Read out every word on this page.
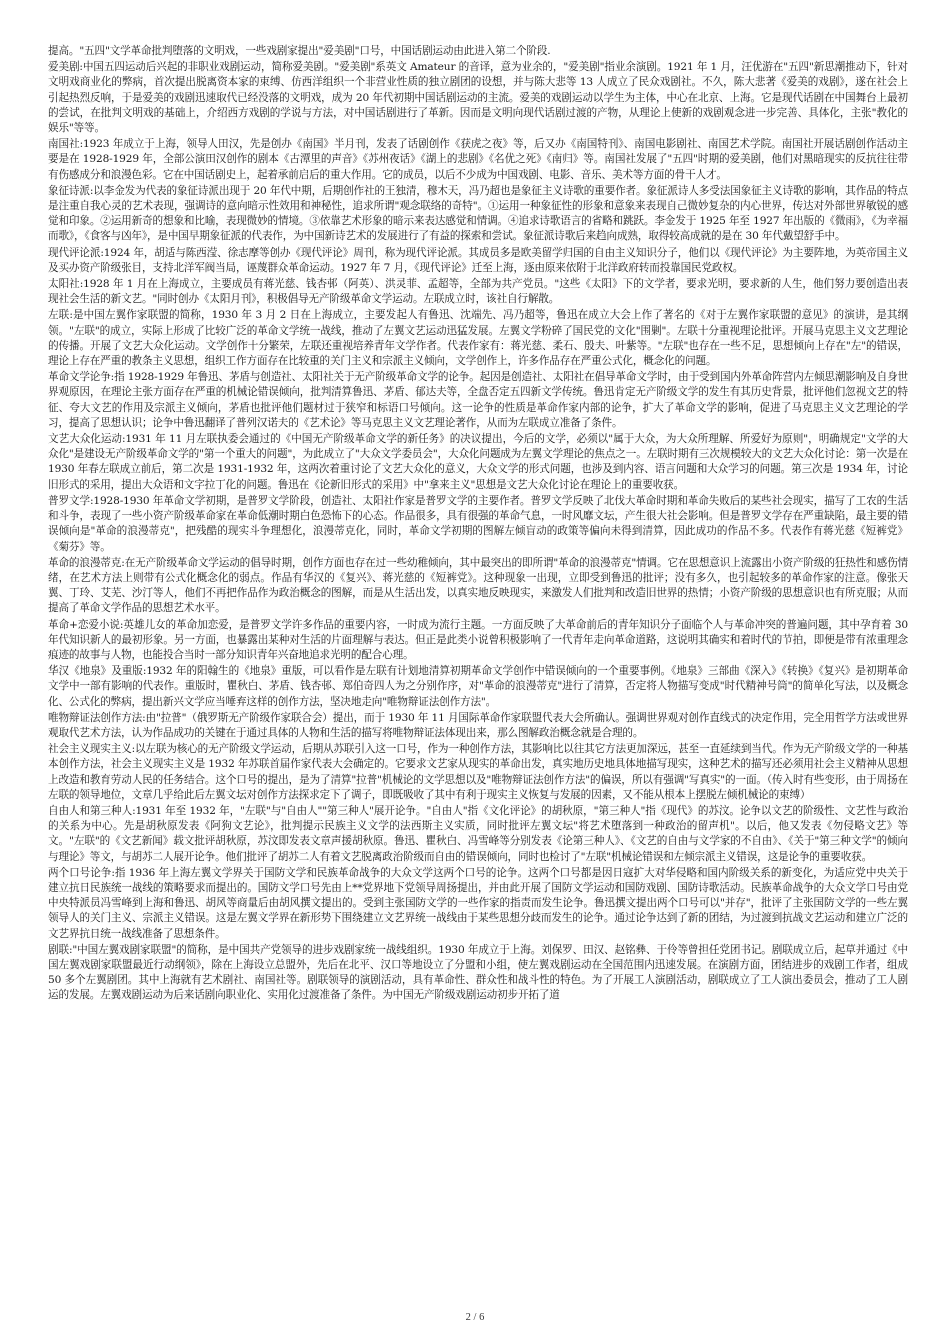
提高。"五四"文学革命批判堕落的文明戏，一些戏剧家提出"爱美剧"口号，中国话剧运动由此进入第二个阶段.

爱美剧:中国五四运动后兴起的非职业戏剧运动，简称爱美剧。"爱美剧"系英文 Amateur 的音译，意为业余的，"爱美剧"指业余演剧。1921 年 1 月，汪优游在"五四"新思潮推动下，针对文明戏商业化的弊病，首次提出脱离资本家的束缚、仿西洋组织一个非营业性质的独立剧团的设想，并与陈大悲等 13 人成立了民众戏剧社。不久，陈大悲著《爱美的戏剧》，遂在社会上引起热烈反响，于是爱美的戏剧迅速取代已经没落的文明戏，成为 20 年代初期中国话剧运动的主流。爱美的戏剧运动以学生为主体，中心在北京、上海。它是现代话剧在中国舞台上最初的尝试，在批判文明戏的基础上，介绍西方戏剧的学说与方法，对中国话剧进行了革新。因而是文明向现代话剧过渡的产物，从理论上使新的戏剧观念进一步完善、具体化，主张"教化的娱乐"等等。

南国社:1923 年成立于上海，领导人田汉，先是创办《南国》半月刊，发表了话剧创作《获虎之夜》等，后又办《南国特刊》、南国电影剧社、南国艺术学院。南国社开展话剧创作活动主要是在 1928-1929 年，全部公演田汉创作的剧本《古潭里的声音》《苏州夜话》《湖上的悲剧》《名优之死》《南归》等。南国社发展了"五四"时期的爱美剧，他们对黑暗现实的反抗往往带有伤感成分和浪漫色彩。它在中国话剧史上，起着承前启后的重大作用。它的成员，以后不少成为中国戏剧、电影、音乐、美术等方面的骨干人才。

象征诗派:以李金发为代表的象征诗派出现于 20 年代中期，后期创作社的王独清，穆木天，冯乃超也是象征主义诗歌的重要作者。象征派诗人多受法国象征主义诗歌的影响，其作品的特点是注重自我心灵的艺术表现，强调诗的意向暗示性效用和神秘性，追求所谓"观念联络的奇特"。①运用一种象征性的形象和意象来表现自己微妙复杂的内心世界，传达对外部世界敏锐的感觉和印象。②运用新奇的想象和比喻，表现微妙的情境。③依靠艺术形象的暗示来表达感觉和情调。④追求诗歌语言的省略和跳跃。李金发于 1925 年至 1927 年出版的《微雨》，《为幸福而歌》，《食客与凶年》，是中国早期象征派的代表作，为中国新诗艺术的发展进行了有益的探索和尝试。象征派诗歌后来趋向成熟，取得较高成就的是在 30 年代戴望舒手中。

现代评论派:1924 年，胡适与陈西滢、徐志摩等创办《现代评论》周刊，称为现代评论派。其成员多是欧美留学归国的自由主义知识分子，他们以《现代评论》为主要阵地，为英帝国主义及买办资产阶级张目，支持北洋军阀当局，诬蔑群众革命运动。1927 年 7 月，《现代评论》迁至上海，逐由原来依附于北洋政府转而投靠国民党政权。

太阳社:1928 年 1 月在上海成立，主要成员有蒋光慈、钱杏邨（阿英）、洪灵菲、孟超等，全部为共产党员。"这些《太阳》下的文学者，要求光明，要求新的人生，他们努力要创造出表现社会生活的新文艺。"同时创办《太阳月刊》，积极倡导无产阶级革命文学运动。左联成立时，该社自行解散。

左联:是中国左翼作家联盟的简称，1930 年 3 月 2 日在上海成立，主要发起人有鲁迅、沈端先、冯乃超等，鲁迅在成立大会上作了著名的《对于左翼作家联盟的意见》的演讲，是其纲领。"左联"的成立，实际上形成了比较广泛的革命文学统一战线，推动了左翼文艺运动迅猛发展。左翼文学粉碎了国民党的文化"围剿"。左联十分重视理论批评。开展马克思主义文艺理论的传播。开展了文艺大众化运动。文学创作十分繁荣，左联还重视培养青年文学作者。代表作家有：蒋光慈、柔石、殷夫、叶紫等。"左联"也存在一些不足，思想倾向上存在"左"的错误，理论上存在严重的教条主义思想，组织工作方面存在比较重的关门主义和宗派主义倾向，文学创作上，许多作品存在严重公式化，概念化的问题。

革命文学论争:指 1928-1929 年鲁迅、茅盾与创造社、太阳社关于无产阶级革命文学的论争。起因是创造社、太阳社在倡导革命文学时，由于受到国内外革命阵营内左倾思潮影响及自身世界观原因，在理论主张方面存在严重的机械论错误倾向，批判清算鲁迅、茅盾、郁达夫等，全盘否定五四新文学传统。鲁迅肯定无产阶级文学的发生有其历史背景，批评他们忽视文艺的特征、夸大文艺的作用及宗派主义倾向，茅盾也批评他们题材过于狭窄和标语口号倾向。这一论争的性质是革命作家内部的论争，扩大了革命文学的影响，促进了马克思主义文艺理论的学习，提高了思想认识；论争中鲁迅翻译了普列汉诺夫的《艺术论》等马克思主义文艺理论著作，从而为左联成立准备了条件。

文艺大众化运动:1931 年 11 月左联执委会通过的《中国无产阶级革命文学的新任务》的决议提出，今后的文学，必须以"属于大众，为大众所理解、所爱好为原则"，明确规定"文学的大众化"是建设无产阶级革命文学的"第一个重大的问题"，为此成立了"大众文学委员会"，大众化问题成为左翼文学理论的焦点之一。左联时期有三次规模较大的文艺大众化讨论：第一次是在 1930 年春左联成立前后，第二次是 1931-1932 年，这两次着重讨论了文艺大众化的意义，大众文学的形式问题，也涉及到内容、语言问题和大众学习的问题。第三次是 1934 年，讨论旧形式的采用，提出大众语和文字拉丁化的问题。鲁迅在《论新旧形式的采用》中"拿来主义"思想是文艺大众化讨论在理论上的重要收获。

普罗文学:1928-1930 年革命文学初期，是普罗文学阶段，创造社、太阳社作家是普罗文学的主要作者。普罗文学反映了北伐大革命时期和革命失败后的某些社会现实，描写了工农的生活和斗争，表现了一些小资产阶级革命家在革命低潮时期白色恐怖下的心态。作品很多，具有很强的革命气息，一时风靡文坛，产生很大社会影响。但是普罗文学存在严重缺陷，最主要的错误倾向是"革命的浪漫蒂克"，把残酷的现实斗争理想化，浪漫蒂克化，同时，革命文学初期的图解左倾盲动的政策等偏向未得到清算，因此成功的作品不多。代表作有蒋光慈《短裤党》《菊芬》等。

革命的浪漫蒂克:在无产阶级革命文学运动的倡导时期，创作方面也存在过一些幼稚倾向，其中最突出的即所谓"革命的浪漫蒂克"情调。它在思想意识上流露出小资产阶级的狂热性和感伤情绪，在艺术方法上则带有公式化概念化的弱点。作品有华汉的《复兴》、蒋光慈的《短裤党》。这种现象一出现，立即受到鲁迅的批评；没有多久，也引起较多的革命作家的注意。像张天翼、丁玲、艾芜、沙汀等人，他们不再把作品作为政治概念的图解，而是从生活出发，以真实地反映现实，来激发人们批判和改造旧世界的热情；小资产阶级的思想意识也有所克服；从而提高了革命文学作品的思想艺术水平。

革命+恋爱小说:英雄儿女的革命加恋爱，是普罗文学许多作品的重要内容，一时成为流行主题。一方面反映了大革命前后的青年知识分子面临个人与革命冲突的普遍问题，其中孕育着 30 年代知识新人的最初形象。另一方面，也暴露出某种对生活的片面理解与表达。但正是此类小说曾积极影响了一代青年走向革命道路，这说明其确实和着时代的节拍，即便是带有浓重理念痕迹的故事与人物，也能投合当时一部分知识青年兴奋地追求光明的配合心理。

华汉《地泉》及重版:1932 年的阳翰生的《地泉》重版，可以看作是左联有计划地清算初期革命文学创作中错误倾向的一个重要事例。《地泉》三部曲《深入》《转换》《复兴》是初期革命文学中一部有影响的代表作。重版时，瞿秋白、茅盾、钱杏邨、郑伯奇四人为之分别作序，对"革命的浪漫蒂克"进行了清算，否定将人物描写变成"时代精神号筒"的简单化写法，以及概念化、公式化的弊病，提出新兴文学应当唾弃这样的创作方法，坚决地走向"唯物辩证法创作方法"。

唯物辩证法创作方法:由"拉普"（俄罗斯无产阶级作家联合会）提出，而于 1930 年 11 月国际革命作家联盟代表大会所确认。强调世界观对创作直线式的决定作用，完全用哲学方法或世界观取代艺术方法，认为作品成功的关键在于通过具体的人物和生活的描写将唯物辩证法体现出来，那么图解政治概念就是合理的。

社会主义现实主义:以左联为核心的无产阶级文学运动，后期从苏联引入这一口号，作为一种创作方法，其影响比以往其它方法更加深远，甚至一直延续到当代。作为无产阶级文学的一种基本创作方法，社会主义现实主义是 1932 年苏联首届作家代表大会确定的。它要求文艺家从现实的革命出发，真实地历史地具体地描写现实，这种艺术的描写还必须用社会主义精神从思想上改造和教育劳动人民的任务结合。这个口号的提出，是为了清算"拉普"机械论的文学思想以及"唯物辩证法创作方法"的偏误，所以有强调"写真实"的一面。（传入时有些变形，由于周扬在左联的领导地位，文章几乎给此后左翼文坛对创作方法探求定下了调子，即既吸收了其中有利于现实主义恢复与发展的因素，又不能从根本上摆脱左倾机械论的束缚）

自由人和第三种人:1931 年至 1932 年，"左联"与"自由人""第三种人"展开论争。"自由人"指《文化评论》的胡秋原，"第三种人"指《现代》的苏汶。论争以文艺的阶级性、文艺性与政治的关系为中心。先是胡秋原发表《阿狗文艺论》，批判提示民族主义文学的法西斯主义实质，同时批评左翼文坛"将艺术堕落到一种政治的留声机"。以后，他又发表《勿侵略文艺》等文。"左联"的《文艺新闻》载文批评胡秋原，苏汶即发表文章声援胡秋原。鲁迅、瞿秋白、冯雪峰等分别发表《论第三种人》、《文艺的自由与文学家的不自由》、《关于"第三种文学"的倾向与理论》等文，与胡苏二人展开论争。他们批评了胡苏二人有着文艺脱离政治阶级而自由的错误倾向，同时也检讨了"左联"机械论错误和左倾宗派主义错误，这是论争的重要收获。

两个口号论争:指 1936 年上海左翼文学界关于国防文学和民族革命战争的大众文学这两个口号的论争。这两个口号都是因日寇扩大对华侵略和国内阶级关系的新变化，为适应党中央关于建立抗日民族统一战线的策略要求而提出的。国防文学口号先由上**党界地下党领导周扬提出，并由此开展了国防文学运动和国防戏剧、国防诗歌活动。民族革命战争的大众文学口号由党中央特派员冯雪峰到上海和鲁迅、胡风等商量后由胡风撰文提出的。受到主张国防文学的一些作家的指责而发生论争。鲁迅撰文提出两个口号可以"并存"，批评了主张国防文学的一些左翼领导人的关门主义、宗派主义错误。这是左翼文学界在新形势下围绕建立文艺界统一战线由于某些思想分歧而发生的论争。通过论争达到了新的团结，为过渡到抗战文艺运动和建立广泛的文艺界抗日统一战线准备了思想条件。

剧联:"中国左翼戏剧家联盟"的简称，是中国共产党领导的进步戏剧家统一战线组织。1930 年成立于上海。刘保罗、田汉、赵铭彝、于伶等曾担任党团书记。剧联成立后，起草并通过《中国左翼戏剧家联盟最近行动纲领》，除在上海设立总盟外，先后在北平、汉口等地设立了分盟和小组，使左翼戏剧运动在全国范围内迅速发展。在演剧方面，团结进步的戏剧工作者，组成 50 多个左翼剧团。其中上海就有艺术剧社、南国社等。剧联领导的演剧活动，具有革命性、群众性和战斗性的特色。为了开展工人演剧活动，剧联成立了工人演出委员会，推动了工人剧运的发展。左翼戏剧运动为后来话剧向职业化、实用化过渡准备了条件。为中国无产阶级戏剧运动初步开拓了道

2 / 6
